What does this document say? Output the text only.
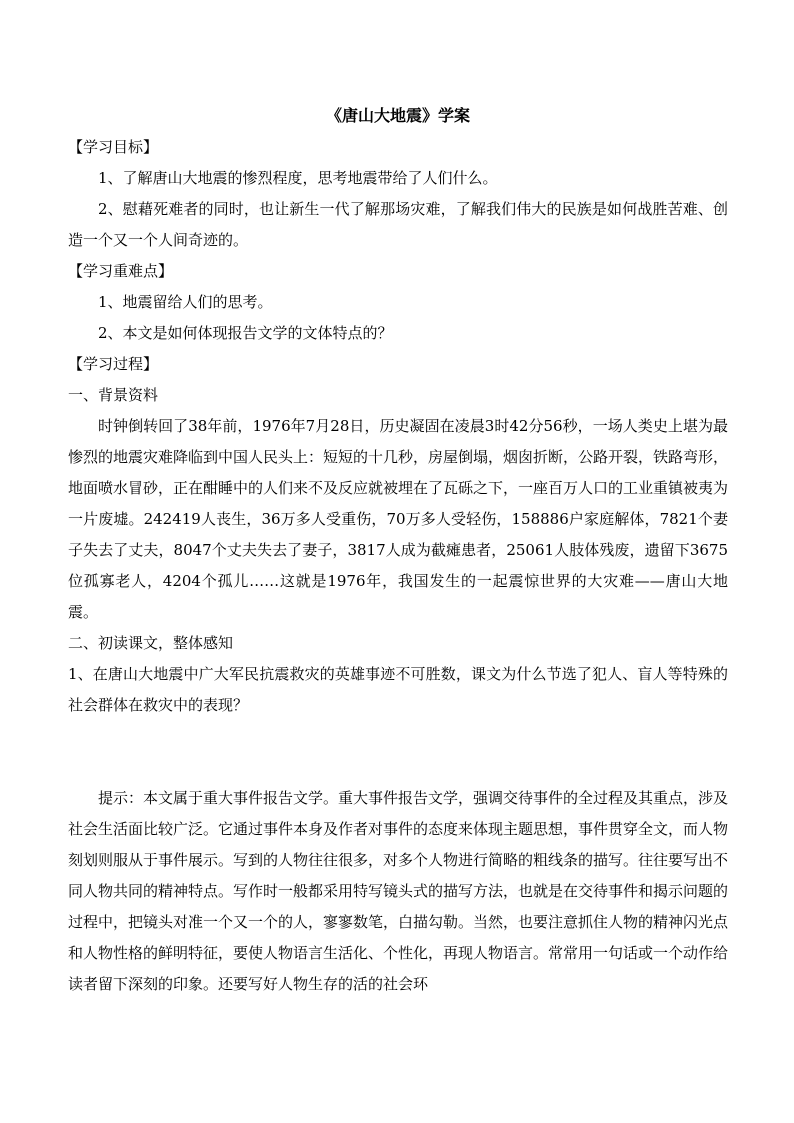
《唐山大地震》学案

【学习目标】

1、了解唐山大地震的惨烈程度，思考地震带给了人们什么。

2、慰藉死难者的同时，也让新生一代了解那场灾难，了解我们伟大的民族是如何战胜苦难、创造一个又一个人间奇迹的。

【学习重难点】

1、地震留给人们的思考。

2、本文是如何体现报告文学的文体特点的？

【学习过程】

一、背景资料

时钟倒转回了38年前，1976年7月28日，历史凝固在凌晨3时42分56秒，一场人类史上堪为最惨烈的地震灾难降临到中国人民头上：短短的十几秒，房屋倒塌，烟囱折断，公路开裂，铁路弯形，地面喷水冒砂，正在酣睡中的人们来不及反应就被埋在了瓦砾之下，一座百万人口的工业重镇被夷为一片废墟。242419人丧生，36万多人受重伤，70万多人受轻伤，158886户家庭解体，7821个妻子失去了丈夫，8047个丈夫失去了妻子，3817人成为截瘫患者，25061人肢体残废，遗留下3675位孤寡老人，4204个孤儿……这就是1976年，我国发生的一起震惊世界的大灾难——唐山大地震。

二、初读课文，整体感知

1、在唐山大地震中广大军民抗震救灾的英雄事迹不可胜数，课文为什么节选了犯人、盲人等特殊的社会群体在救灾中的表现？

提示：本文属于重大事件报告文学。重大事件报告文学，强调交待事件的全过程及其重点，涉及社会生活面比较广泛。它通过事件本身及作者对事件的态度来体现主题思想，事件贯穿全文，而人物刻划则服从于事件展示。写到的人物往往很多，对多个人物进行简略的粗线条的描写。往往要写出不同人物共同的精神特点。写作时一般都采用特写镜头式的描写方法，也就是在交待事件和揭示问题的过程中，把镜头对准一个又一个的人，寥寥数笔，白描勾勒。当然，也要注意抓住人物的精神闪光点和人物性格的鲜明特征，要使人物语言生活化、个性化，再现人物语言。常常用一句话或一个动作给读者留下深刻的印象。还要写好人物生存的活的社会环
